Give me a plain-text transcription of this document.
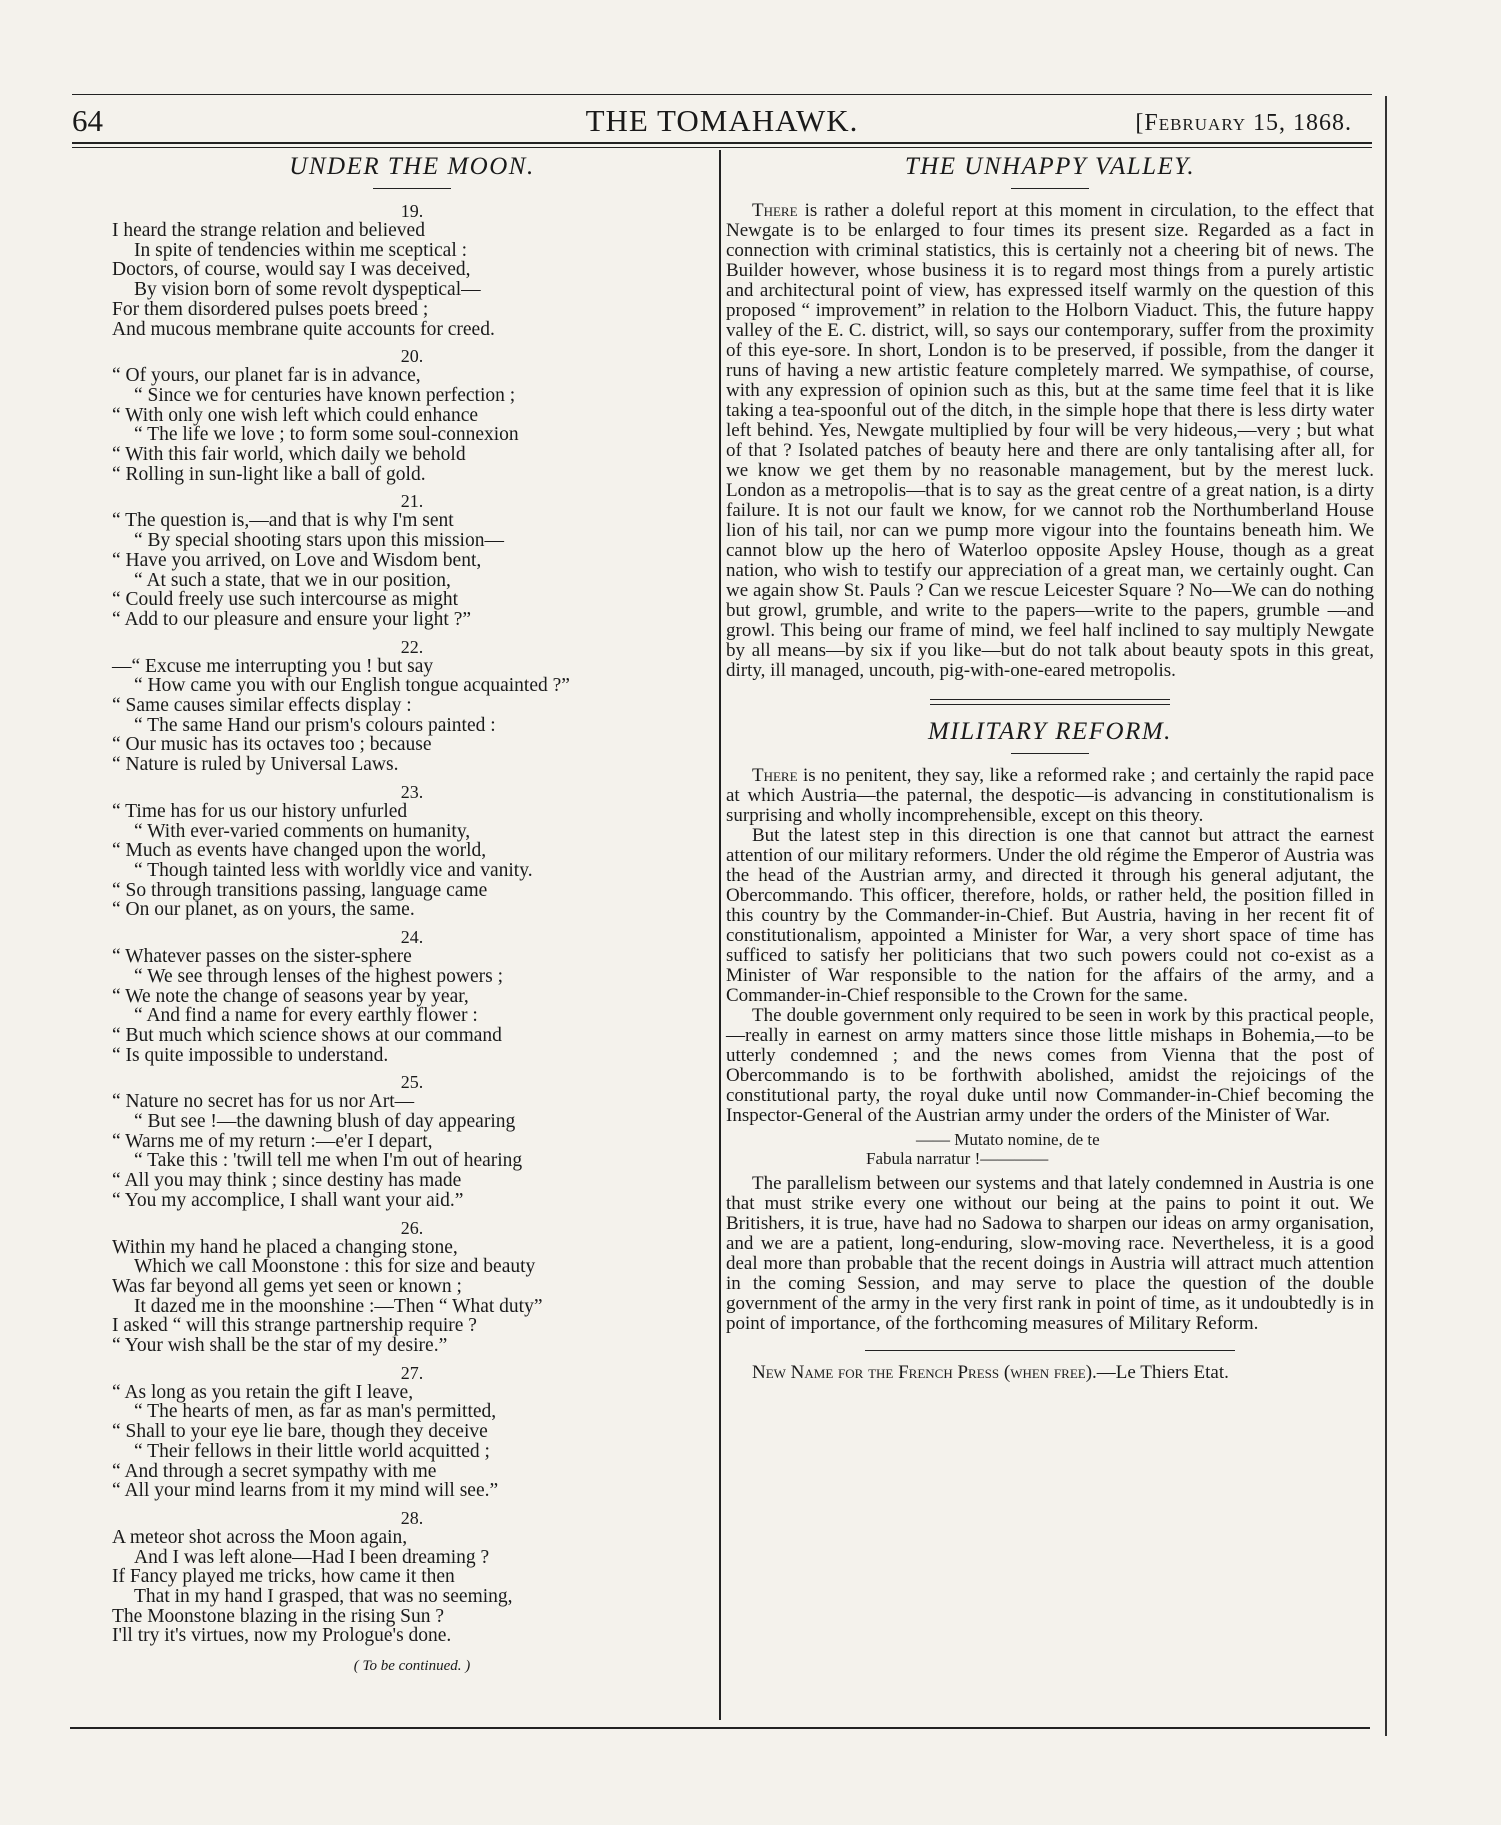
64	THE TOMAHAWK.	[February 15, 1868.
UNDER THE MOON.
19.
I heard the strange relation and believed
In spite of tendencies within me sceptical :
Doctors, of course, would say I was deceived,
By vision born of some revolt dyspeptical—
For them disordered pulses poets breed ;
And mucous membrane quite accounts for creed.
20.
“ Of yours, our planet far is in advance,
“ Since we for centuries have known perfection ;
“ With only one wish left which could enhance
“ The life we love ; to form some soul-connexion
“ With this fair world, which daily we behold
“ Rolling in sun-light like a ball of gold.
21.
“ The question is,—and that is why I'm sent
“ By special shooting stars upon this mission—
“ Have you arrived, on Love and Wisdom bent,
“ At such a state, that we in our position,
“ Could freely use such intercourse as might
“ Add to our pleasure and ensure your light ?”
22.
—“ Excuse me interrupting you ! but say
“ How came you with our English tongue acquainted ?”
“ Same causes similar effects display :
“ The same Hand our prism's colours painted :
“ Our music has its octaves too ; because
“ Nature is ruled by Universal Laws.
23.
“ Time has for us our history unfurled
“ With ever-varied comments on humanity,
“ Much as events have changed upon the world,
“ Though tainted less with worldly vice and vanity.
“ So through transitions passing, language came
“ On our planet, as on yours, the same.
24.
“ Whatever passes on the sister-sphere
“ We see through lenses of the highest powers ;
“ We note the change of seasons year by year,
“ And find a name for every earthly flower :
“ But much which science shows at our command
“ Is quite impossible to understand.
25.
“ Nature no secret has for us nor Art—
“ But see !—the dawning blush of day appearing
“ Warns me of my return :—e'er I depart,
“ Take this : 'twill tell me when I'm out of hearing
“ All you may think ; since destiny has made
“ You my accomplice, I shall want your aid.”
26.
Within my hand he placed a changing stone,
Which we call Moonstone : this for size and beauty
Was far beyond all gems yet seen or known ;
It dazed me in the moonshine :—Then “ What duty”
I asked “ will this strange partnership require ?
“ Your wish shall be the star of my desire.”
27.
“ As long as you retain the gift I leave,
“ The hearts of men, as far as man's permitted,
“ Shall to your eye lie bare, though they deceive
“ Their fellows in their little world acquitted ;
“ And through a secret sympathy with me
“ All your mind learns from it my mind will see.”
28.
A meteor shot across the Moon again,
And I was left alone—Had I been dreaming ?
If Fancy played me tricks, how came it then
That in my hand I grasped, that was no seeming,
The Moonstone blazing in the rising Sun ?
I'll try it's virtues, now my Prologue's done.
( To be continued. )
THE UNHAPPY VALLEY.

There is rather a doleful report at this moment in circulation, to the effect that Newgate is to be enlarged to four times its present size. Regarded as a fact in connection with criminal statistics, this is certainly not a cheering bit of news. The Builder however, whose business it is to regard most things from a purely artistic and architectural point of view, has expressed itself warmly on the question of this proposed “ improvement” in relation to the Holborn Viaduct. This, the future happy valley of the E. C. district, will, so says our contemporary, suffer from the proximity of this eye-sore. In short, London is to be preserved, if possible, from the danger it runs of having a new artistic feature completely marred. We sympathise, of course, with any expression of opinion such as this, but at the same time feel that it is like taking a tea-spoonful out of the ditch, in the simple hope that there is less dirty water left behind. Yes, Newgate multiplied by four will be very hideous,—very ; but what of that ? Isolated patches of beauty here and there are only tantalising after all, for we know we get them by no reasonable management, but by the merest luck. London as a metropolis—that is to say as the great centre of a great nation, is a dirty failure. It is not our fault we know, for we cannot rob the Northumberland House lion of his tail, nor can we pump more vigour into the fountains beneath him. We cannot blow up the hero of Waterloo opposite Apsley House, though as a great nation, who wish to testify our appreciation of a great man, we certainly ought. Can we again show St. Pauls ? Can we rescue Leicester Square ? No—We can do nothing but growl, grumble, and write to the papers—write to the papers, grumble —and growl. This being our frame of mind, we feel half inclined to say multiply Newgate by all means—by six if you like—but do not talk about beauty spots in this great, dirty, ill managed, uncouth, pig-with-one-eared metropolis.

MILITARY REFORM.

There is no penitent, they say, like a reformed rake ; and certainly the rapid pace at which Austria—the paternal, the despotic—is advancing in constitutionalism is surprising and wholly incomprehensible, except on this theory.

But the latest step in this direction is one that cannot but attract the earnest attention of our military reformers. Under the old régime the Emperor of Austria was the head of the Austrian army, and directed it through his general adjutant, the Obercommando. This officer, therefore, holds, or rather held, the position filled in this country by the Commander-in-Chief. But Austria, having in her recent fit of constitutionalism, appointed a Minister for War, a very short space of time has sufficed to satisfy her politicians that two such powers could not co-exist as a Minister of War responsible to the nation for the affairs of the army, and a Commander-in-Chief responsible to the Crown for the same.

The double government only required to be seen in work by this practical people,—really in earnest on army matters since those little mishaps in Bohemia,—to be utterly condemned ; and the news comes from Vienna that the post of Obercommando is to be forthwith abolished, amidst the rejoicings of the constitutional party, the royal duke until now Commander-in-Chief becoming the Inspector-General of the Austrian army under the orders of the Minister of War.

—— Mutato nomine, de te
Fabula narratur !————

The parallelism between our systems and that lately condemned in Austria is one that must strike every one without our being at the pains to point it out. We Britishers, it is true, have had no Sadowa to sharpen our ideas on army organisation, and we are a patient, long-enduring, slow-moving race. Nevertheless, it is a good deal more than probable that the recent doings in Austria will attract much attention in the coming Session, and may serve to place the question of the double government of the army in the very first rank in point of time, as it undoubtedly is in point of importance, of the forthcoming measures of Military Reform.

New Name for the French Press (when free).—Le Thiers Etat.
